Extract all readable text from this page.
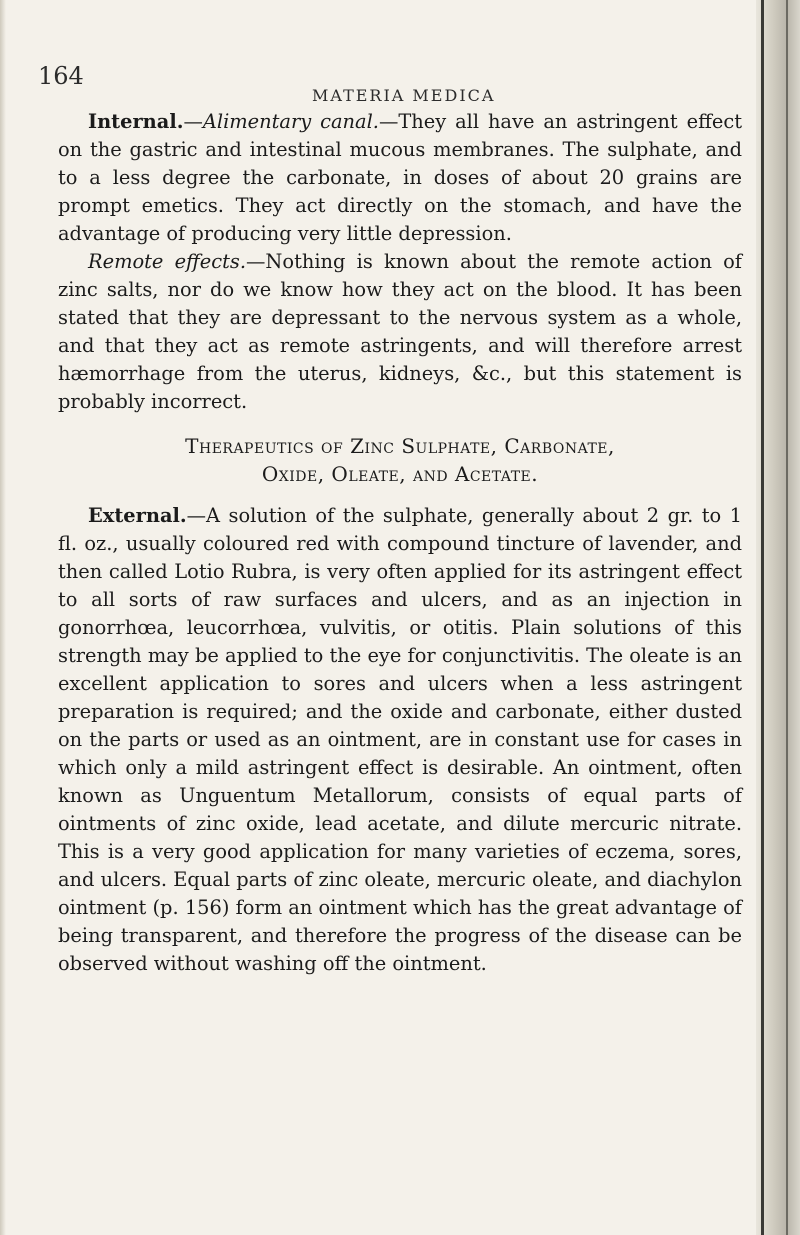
164
MATERIA MEDICA

Internal.—Alimentary canal.—They all have an astringent effect on the gastric and intestinal mucous membranes. The sulphate, and to a less degree the carbonate, in doses of about 20 grains are prompt emetics. They act directly on the stomach, and have the advantage of producing very little depression.

Remote effects.—Nothing is known about the remote action of zinc salts, nor do we know how they act on the blood. It has been stated that they are depressant to the nervous system as a whole, and that they act as remote astringents, and will therefore arrest hæmorrhage from the uterus, kidneys, &c., but this statement is probably incorrect.

Therapeutics of Zinc Sulphate, Carbonate,
Oxide, Oleate, and Acetate.

External.—A solution of the sulphate, generally about 2 gr. to 1 fl. oz., usually coloured red with compound tincture of lavender, and then called Lotio Rubra, is very often applied for its astringent effect to all sorts of raw surfaces and ulcers, and as an injection in gonorrhœa, leucorrhœa, vulvitis, or otitis. Plain solutions of this strength may be applied to the eye for conjunctivitis. The oleate is an excellent application to sores and ulcers when a less astringent preparation is required; and the oxide and carbonate, either dusted on the parts or used as an ointment, are in constant use for cases in which only a mild astringent effect is desirable. An ointment, often known as Unguentum Metallorum, consists of equal parts of ointments of zinc oxide, lead acetate, and dilute mercuric nitrate. This is a very good application for many varieties of eczema, sores, and ulcers. Equal parts of zinc oleate, mercuric oleate, and diachylon ointment (p. 156) form an ointment which has the great advantage of being transparent, and therefore the progress of the disease can be observed without washing off the ointment.
